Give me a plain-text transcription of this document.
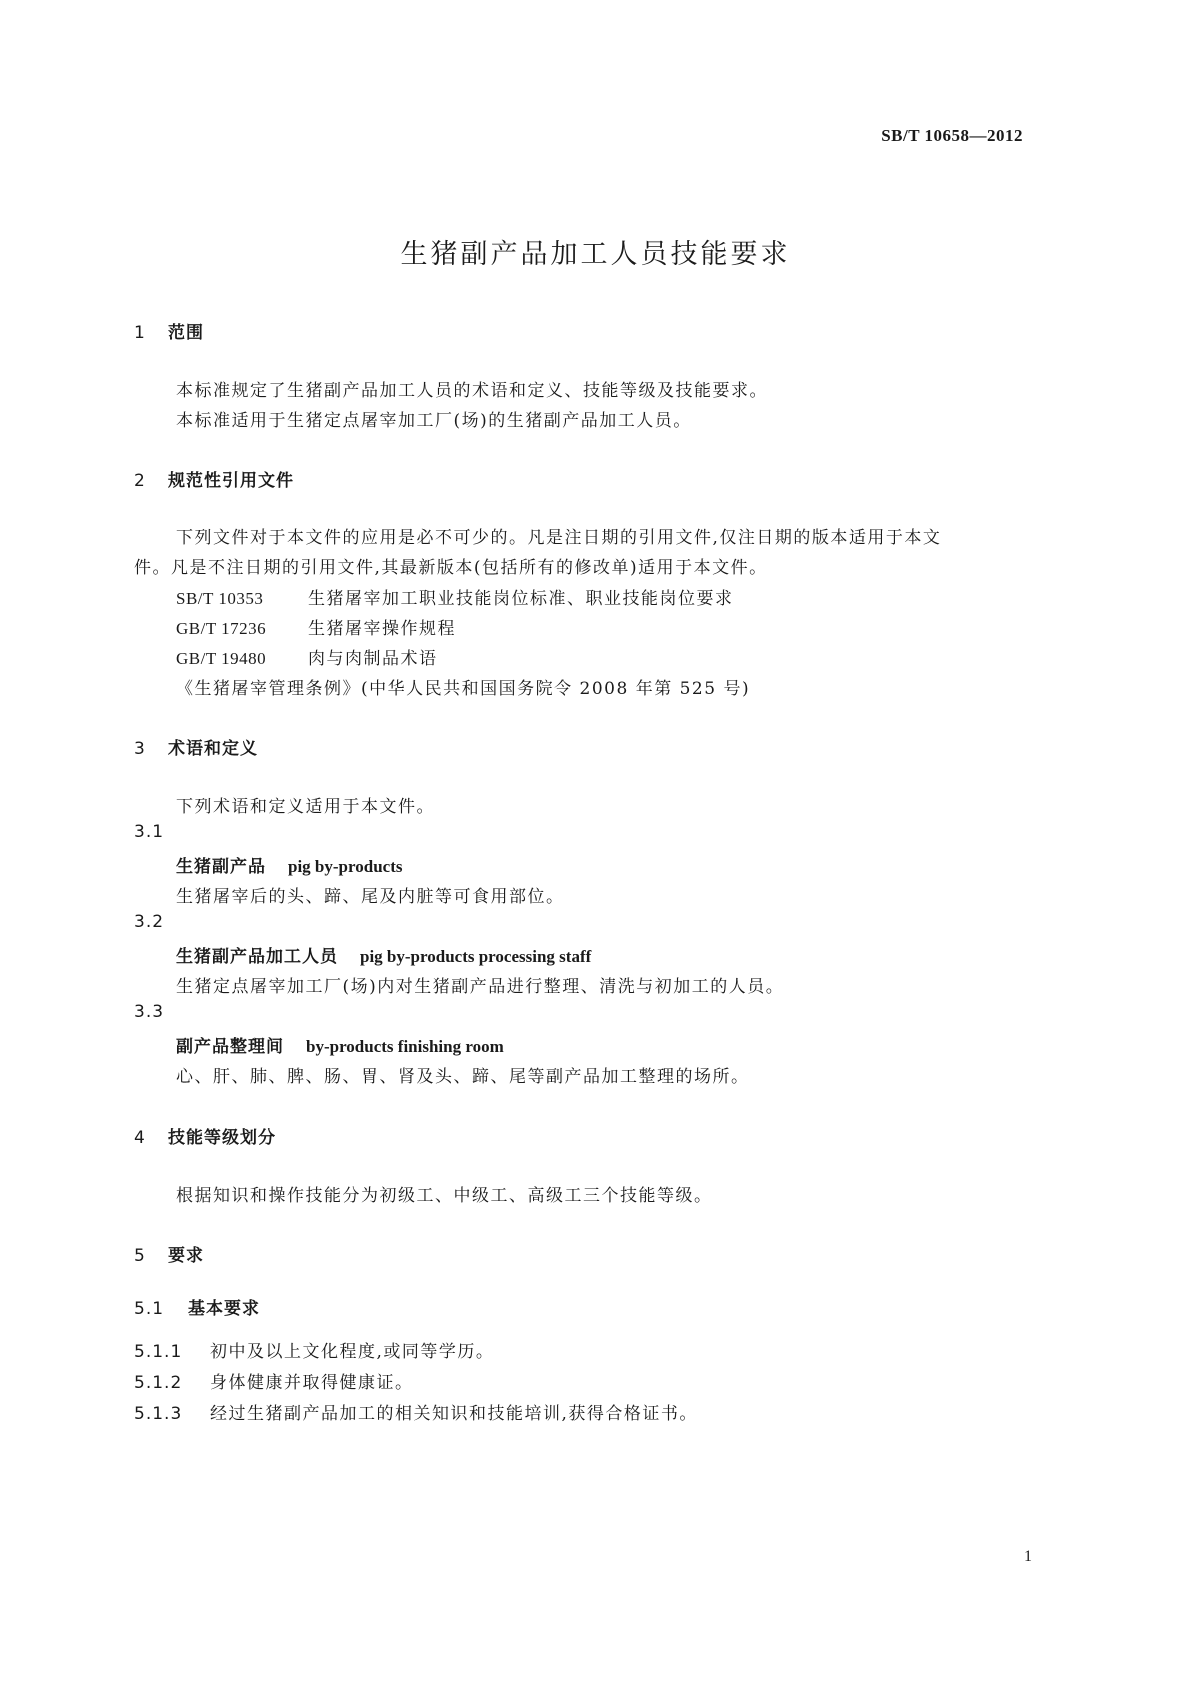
SB/T 10658—2012
生猪副产品加工人员技能要求
1 范围
本标准规定了生猪副产品加工人员的术语和定义、技能等级及技能要求。
本标准适用于生猪定点屠宰加工厂(场)的生猪副产品加工人员。
2 规范性引用文件
下列文件对于本文件的应用是必不可少的。凡是注日期的引用文件,仅注日期的版本适用于本文
件。凡是不注日期的引用文件,其最新版本(包括所有的修改单)适用于本文件。
SB/T 10353	生猪屠宰加工职业技能岗位标准、职业技能岗位要求
GB/T 17236 生猪屠宰操作规程
GB/T 19480 肉与肉制品术语
《生猪屠宰管理条例》(中华人民共和国国务院令 2008 年第 525 号)
3 术语和定义
下列术语和定义适用于本文件。
3.1
生猪副产品 pig by-products
生猪屠宰后的头、蹄、尾及内脏等可食用部位。
3.2
生猪副产品加工人员 pig by-products processing staff
生猪定点屠宰加工厂(场)内对生猪副产品进行整理、清洗与初加工的人员。
3.3
副产品整理间 by-products finishing room
心、肝、肺、脾、肠、胃、肾及头、蹄、尾等副产品加工整理的场所。
4 技能等级划分
根据知识和操作技能分为初级工、中级工、高级工三个技能等级。
5 要求
5.1 基本要求
5.1.1 初中及以上文化程度,或同等学历。
5.1.2 身体健康并取得健康证。
5.1.3 经过生猪副产品加工的相关知识和技能培训,获得合格证书。
1
